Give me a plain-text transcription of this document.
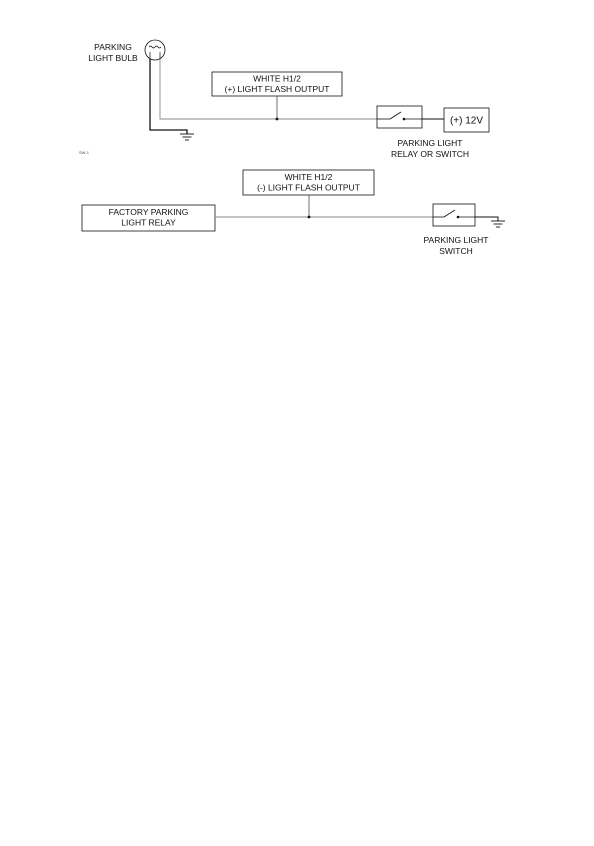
PARKING
LIGHT BULB
WHITE H1/2
(+) LIGHT FLASH OUTPUT
(+) 12V
PARKING LIGHT
RELAY OR SWITCH
SW-1
WHITE H1/2
(-) LIGHT FLASH OUTPUT
FACTORY PARKING
LIGHT RELAY
PARKING LIGHT
SWITCH
